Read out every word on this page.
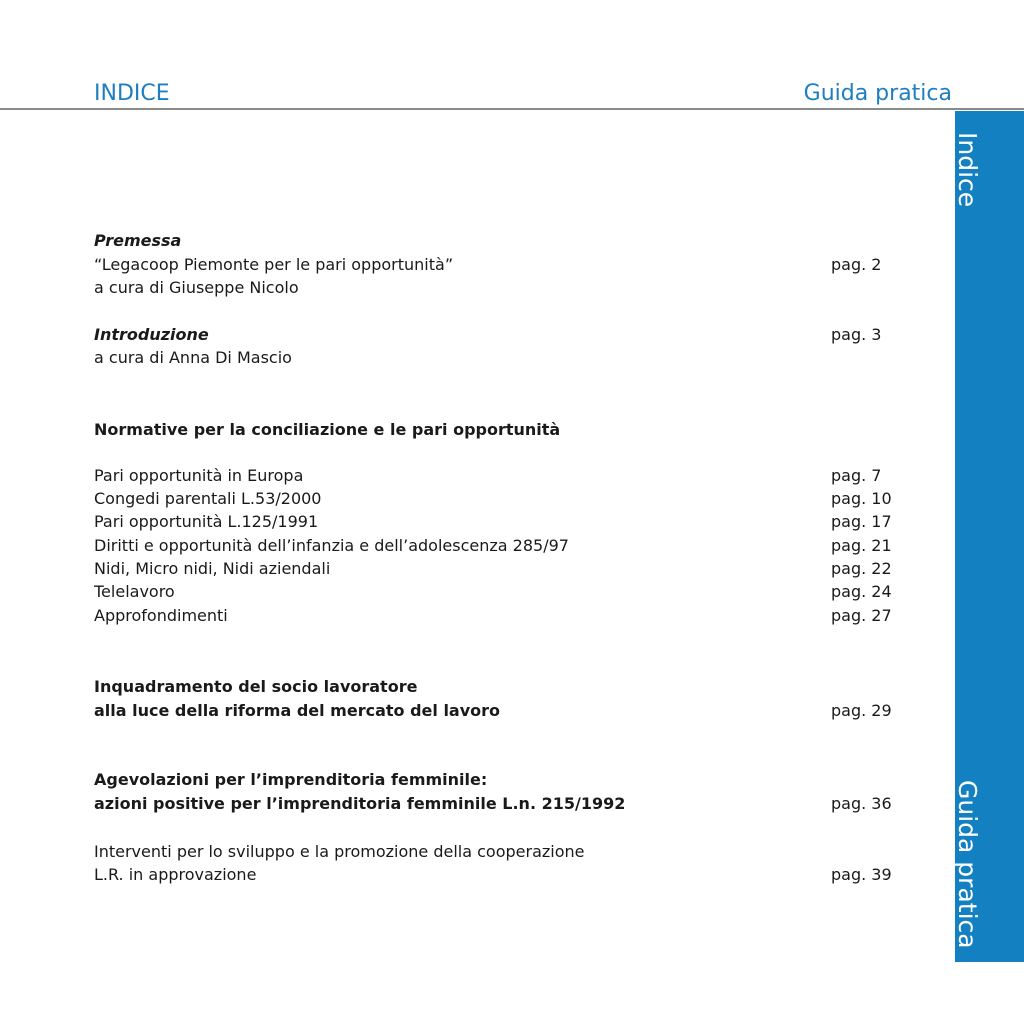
INDICE	Guida pratica
Indice
Guida pratica
Premessa
“Legacoop Piemonte per le pari opportunità”	pag. 2
a cura di Giuseppe Nicolo
Introduzione	pag. 3
a cura di Anna Di Mascio
Normative per la conciliazione e le pari opportunità
Pari opportunità in Europa	pag. 7
Congedi parentali L.53/2000	pag. 10
Pari opportunità L.125/1991	pag. 17
Diritti e opportunità dell’infanzia e dell’adolescenza 285/97	pag. 21
Nidi, Micro nidi, Nidi aziendali	pag. 22
Telelavoro	pag. 24
Approfondimenti	pag. 27
Inquadramento del socio lavoratore
alla luce della riforma del mercato del lavoro	pag. 29
Agevolazioni per l’imprenditoria femminile:
azioni positive per l’imprenditoria femminile L.n. 215/1992	pag. 36
Interventi per lo sviluppo e la promozione della cooperazione
L.R. in approvazione	pag. 39
